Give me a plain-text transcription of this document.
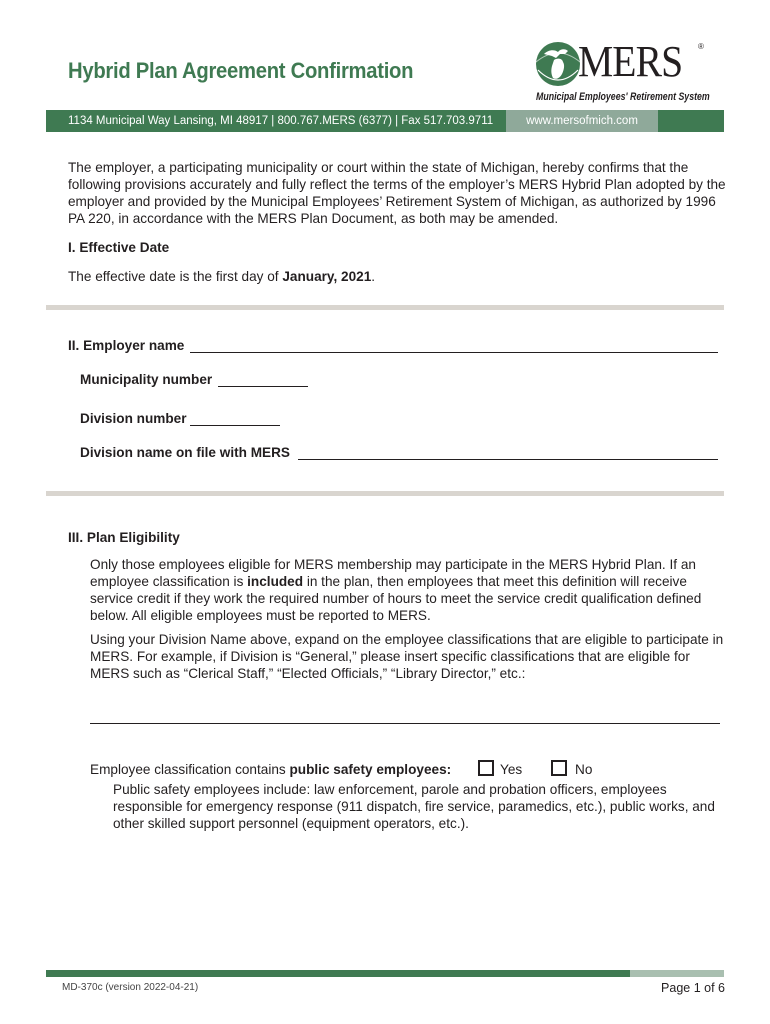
Hybrid Plan Agreement Confirmation	MERS ®
Municipal Employees' Retirement System
1134 Municipal Way Lansing, MI 48917 | 800.767.MERS (6377) | Fax 517.703.9711	www.mersofmich.com
The employer, a participating municipality or court within the state of Michigan, hereby confirms that the following provisions accurately and fully reflect the terms of the employer’s MERS Hybrid Plan adopted by the employer and provided by the Municipal Employees’ Retirement System of Michigan, as authorized by 1996 PA 220, in accordance with the MERS Plan Document, as both may be amended.
I. Effective Date
The effective date is the first day of January, 2021.
II. Employer name
Municipality number
Division number
Division name on file with MERS
III. Plan Eligibility
Only those employees eligible for MERS membership may participate in the MERS Hybrid Plan. If an employee classification is included in the plan, then employees that meet this definition will receive service credit if they work the required number of hours to meet the service credit qualification defined below. All eligible employees must be reported to MERS.
Using your Division Name above, expand on the employee classifications that are eligible to participate in MERS. For example, if Division is “General,” please insert specific classifications that are eligible for MERS such as “Clerical Staff,” “Elected Officials,” “Library Director,” etc.:
Employee classification contains public safety employees:	Yes	No
Public safety employees include: law enforcement, parole and probation officers, employees responsible for emergency response (911 dispatch, fire service, paramedics, etc.), public works, and other skilled support personnel (equipment operators, etc.).
MD-370c (version 2022-04-21)	Page 1 of 6
